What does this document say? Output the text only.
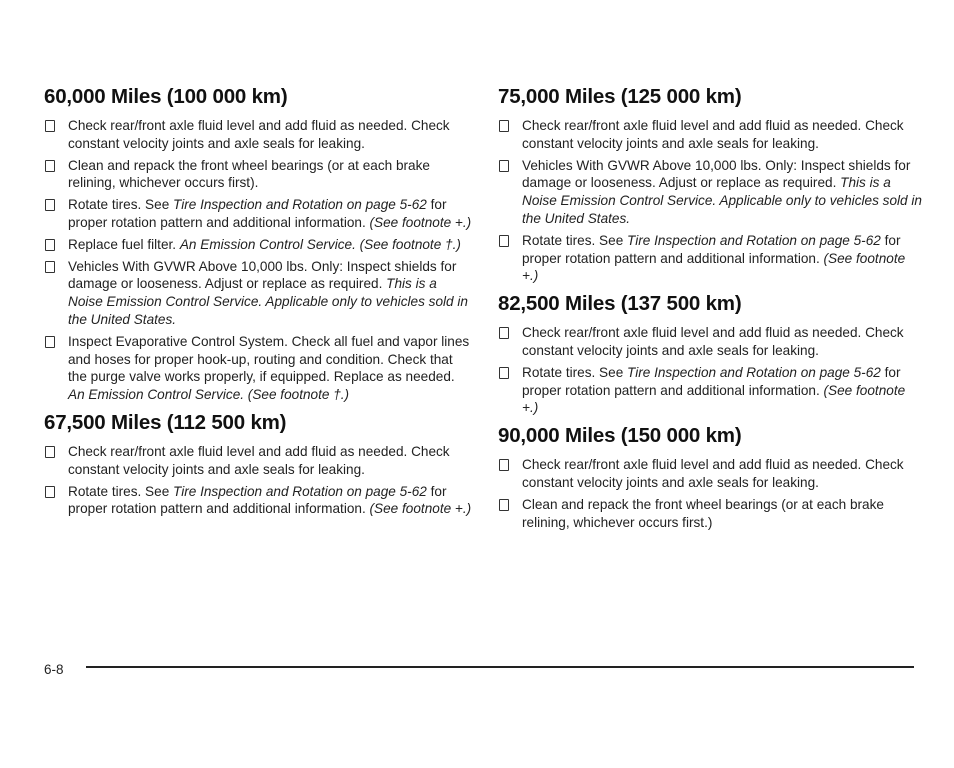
60,000 Miles (100 000 km)
Check rear/front axle fluid level and add fluid as needed. Check constant velocity joints and axle seals for leaking.
Clean and repack the front wheel bearings (or at each brake relining, whichever occurs first).
Rotate tires. See Tire Inspection and Rotation on page 5-62 for proper rotation pattern and additional information. (See footnote +.)
Replace fuel filter. An Emission Control Service. (See footnote †.)
Vehicles With GVWR Above 10,000 lbs. Only: Inspect shields for damage or looseness. Adjust or replace as required. This is a Noise Emission Control Service. Applicable only to vehicles sold in the United States.
Inspect Evaporative Control System. Check all fuel and vapor lines and hoses for proper hook-up, routing and condition. Check that the purge valve works properly, if equipped. Replace as needed. An Emission Control Service. (See footnote †.)
67,500 Miles (112 500 km)
Check rear/front axle fluid level and add fluid as needed. Check constant velocity joints and axle seals for leaking.
Rotate tires. See Tire Inspection and Rotation on page 5-62 for proper rotation pattern and additional information. (See footnote +.)
75,000 Miles (125 000 km)
Check rear/front axle fluid level and add fluid as needed. Check constant velocity joints and axle seals for leaking.
Vehicles With GVWR Above 10,000 lbs. Only: Inspect shields for damage or looseness. Adjust or replace as required. This is a Noise Emission Control Service. Applicable only to vehicles sold in the United States.
Rotate tires. See Tire Inspection and Rotation on page 5-62 for proper rotation pattern and additional information. (See footnote +.)
82,500 Miles (137 500 km)
Check rear/front axle fluid level and add fluid as needed. Check constant velocity joints and axle seals for leaking.
Rotate tires. See Tire Inspection and Rotation on page 5-62 for proper rotation pattern and additional information. (See footnote +.)
90,000 Miles (150 000 km)
Check rear/front axle fluid level and add fluid as needed. Check constant velocity joints and axle seals for leaking.
Clean and repack the front wheel bearings (or at each brake relining, whichever occurs first.)
6-8
